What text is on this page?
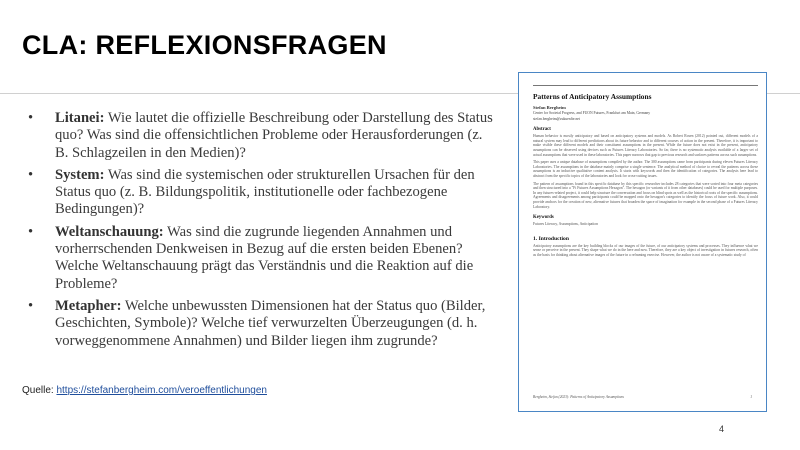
CLA: REFLEXIONSFRAGEN
• Litanei: Wie lautet die offizielle Beschreibung oder Darstellung des Status quo? Was sind die offensichtlichen Probleme oder Herausforderungen (z. B. Schlagzeilen in den Medien)?
• System: Was sind die systemischen oder strukturellen Ursachen für den Status quo (z. B. Bildungspolitik, institutionelle oder fachbezogene Bedingungen)?
• Weltanschauung: Was sind die zugrunde liegenden Annahmen und vorherrschenden Denkweisen in Bezug auf die ersten beiden Ebenen? Welche Weltanschauung prägt das Verständnis und die Reaktion auf die Probleme?
• Metapher: Welche unbewussten Dimensionen hat der Status quo (Bilder, Geschichten, Symbole)? Welche tief verwurzelten Überzeugungen (d. h. vorweggenommene Annahmen) und Bilder liegen ihm zugrunde?
Quelle: https://stefanbergheim.com/veroeffentlichungen
Patterns of Anticipatory Assumptions
Stefan Bergheim
Center for Societal Progress, and FUON Futures, Frankfurt am Main, Germany
stefan.bergheim@zukuenfte.net
Abstract
Human behavior is mostly anticipatory and based on anticipatory systems and models. As Robert Rosen (2012) pointed out, different models of a natural system may lead to different predictions about its future behavior and to different courses of action in the present. Therefore, it is important to make visible these different models and their constituent assumptions in the present. While the future does not exist in the present, anticipatory assumptions can be observed using devices such as Futures Literacy Laboratories. So far, there is no systematic analysis available of a larger set of actual assumptions that were used in these laboratories. This paper narrows that gap to previous research and surfaces patterns across such assumptions.
This paper uses a unique database of assumptions compiled by the author. The 300 assumptions came from participants during eleven Futures Literacy Laboratories. The assumptions in the database mainly comprise a single sentence. The analytical method of choice to reveal the patterns across these assumptions is an inductive qualitative content analysis. It starts with keywords and then the identification of categories. The analysis here lead to abstract from the specific topics of the laboratories and look for cross-cutting issues.
The pattern of assumptions found in this specific database by this specific researcher includes 28 categories that were sorted into four meta categories and then structured into a "Fi Futures Assumptions Hexagon". The hexagon (or variants of it from other databases) could be used for multiple purposes. In any futures-related project, it could help structure the conversation and focus on blind spots as well as the historical roots of the specific assumptions. Agreements and disagreements among participants could be mapped onto the hexagon's categories to identify the focus of future work. Also, it could provide anchors for the creation of new, alternative futures that broaden the space of imagination for example in the second phase of a Futures Literacy Laboratory.
Keywords
Futures Literacy, Assumptions, Anticipation
1. Introduction
Anticipatory assumptions are the key building blocks of our images of the future, of our anticipatory systems and processes. They influence what we sense or perceive in the present. They shape what we do in the here and now. Therefore, they are a key object of investigation in futures research, often as the basis for thinking about alternative images of the future in a reframing exercise. However, the author is not aware of a systematic study of
Bergheim, Stefan (2023): Patterns of Anticipatory Assumptions	1
4
